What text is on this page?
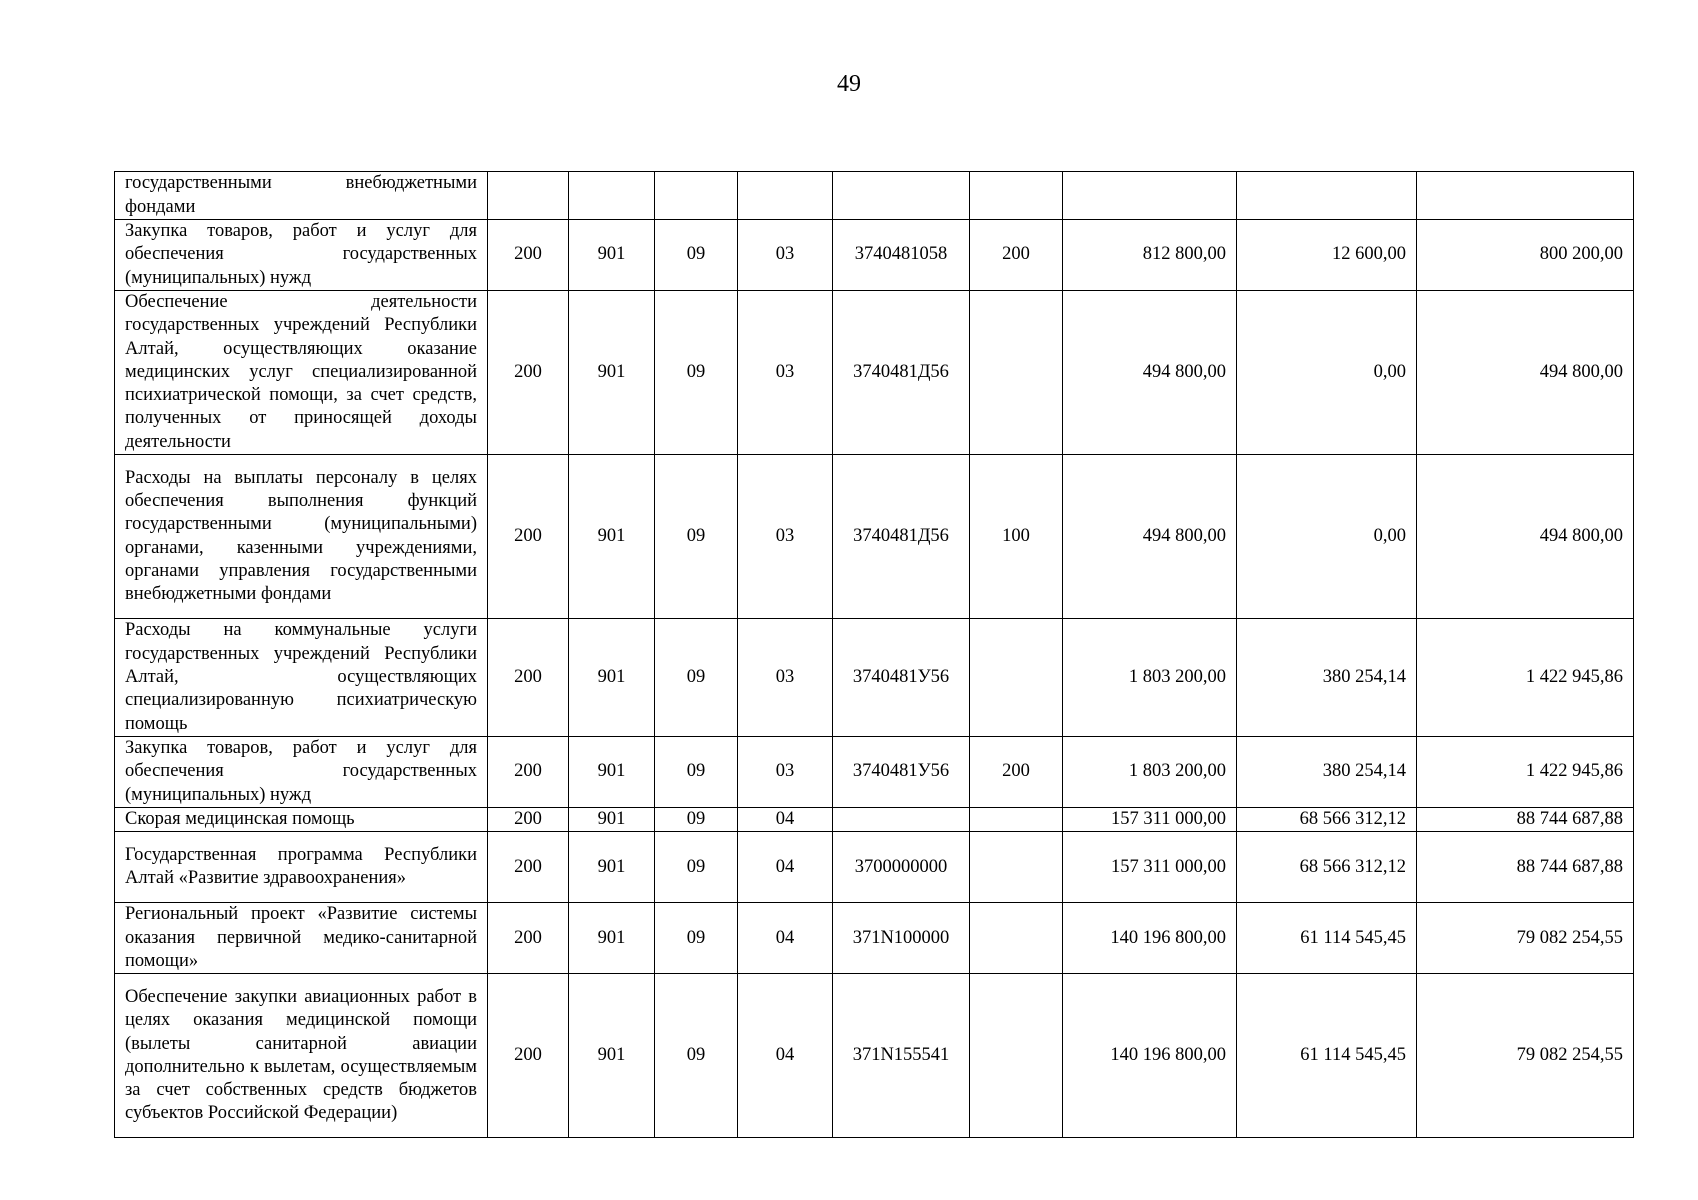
49
государственными внебюджетными фондами									
Закупка товаров, работ и услуг для обеспечения государственных (муниципальных) нужд	200	901	09	03	3740481058	200	812 800,00	12 600,00	800 200,00
Обеспечение деятельности государственных учреждений Республики Алтай, осуществляющих оказание медицинских услуг специализированной психиатрической помощи, за счет средств, полученных от приносящей доходы деятельности	200	901	09	03	3740481Д56		494 800,00	0,00	494 800,00
Расходы на выплаты персоналу в целях обеспечения выполнения функций государственными (муниципальными) органами, казенными учреждениями, органами управления государственными внебюджетными фондами	200	901	09	03	3740481Д56	100	494 800,00	0,00	494 800,00
Расходы на коммунальные услуги государственных учреждений Республики Алтай, осуществляющих специализированную психиатрическую помощь	200	901	09	03	3740481У56		1 803 200,00	380 254,14	1 422 945,86
Закупка товаров, работ и услуг для обеспечения государственных (муниципальных) нужд	200	901	09	03	3740481У56	200	1 803 200,00	380 254,14	1 422 945,86
Скорая медицинская помощь	200	901	09	04			157 311 000,00	68 566 312,12	88 744 687,88
Государственная программа Республики Алтай «Развитие здравоохранения»	200	901	09	04	3700000000		157 311 000,00	68 566 312,12	88 744 687,88
Региональный проект «Развитие системы оказания первичной медико-санитарной помощи»	200	901	09	04	371N100000		140 196 800,00	61 114 545,45	79 082 254,55
Обеспечение закупки авиационных работ в целях оказания медицинской помощи (вылеты санитарной авиации дополнительно к вылетам, осуществляемым за счет собственных средств бюджетов субъектов Российской Федерации)	200	901	09	04	371N155541		140 196 800,00	61 114 545,45	79 082 254,55
